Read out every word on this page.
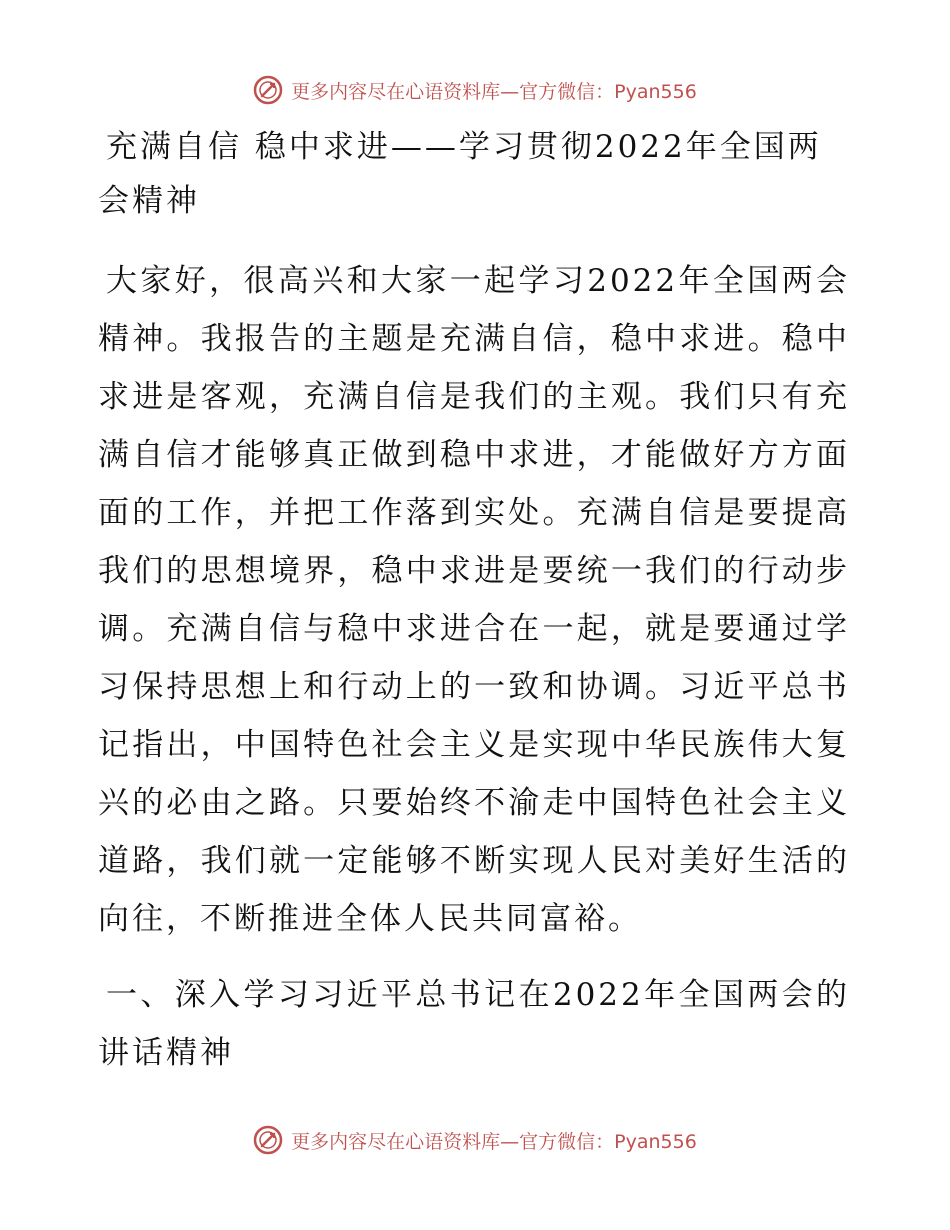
更多内容尽在心语资料库—官方微信：Pyan556
充满自信 稳中求进——学习贯彻2022年全国两会精神

大家好，很高兴和大家一起学习2022年全国两会精神。我报告的主题是充满自信，稳中求进。稳中求进是客观，充满自信是我们的主观。我们只有充满自信才能够真正做到稳中求进，才能做好方方面面的工作，并把工作落到实处。充满自信是要提高我们的思想境界，稳中求进是要统一我们的行动步调。充满自信与稳中求进合在一起，就是要通过学习保持思想上和行动上的一致和协调。习近平总书记指出，中国特色社会主义是实现中华民族伟大复兴的必由之路。只要始终不渝走中国特色社会主义道路，我们就一定能够不断实现人民对美好生活的向往，不断推进全体人民共同富裕。

一、深入学习习近平总书记在2022年全国两会的讲话精神

更多内容尽在心语资料库—官方微信：Pyan556
